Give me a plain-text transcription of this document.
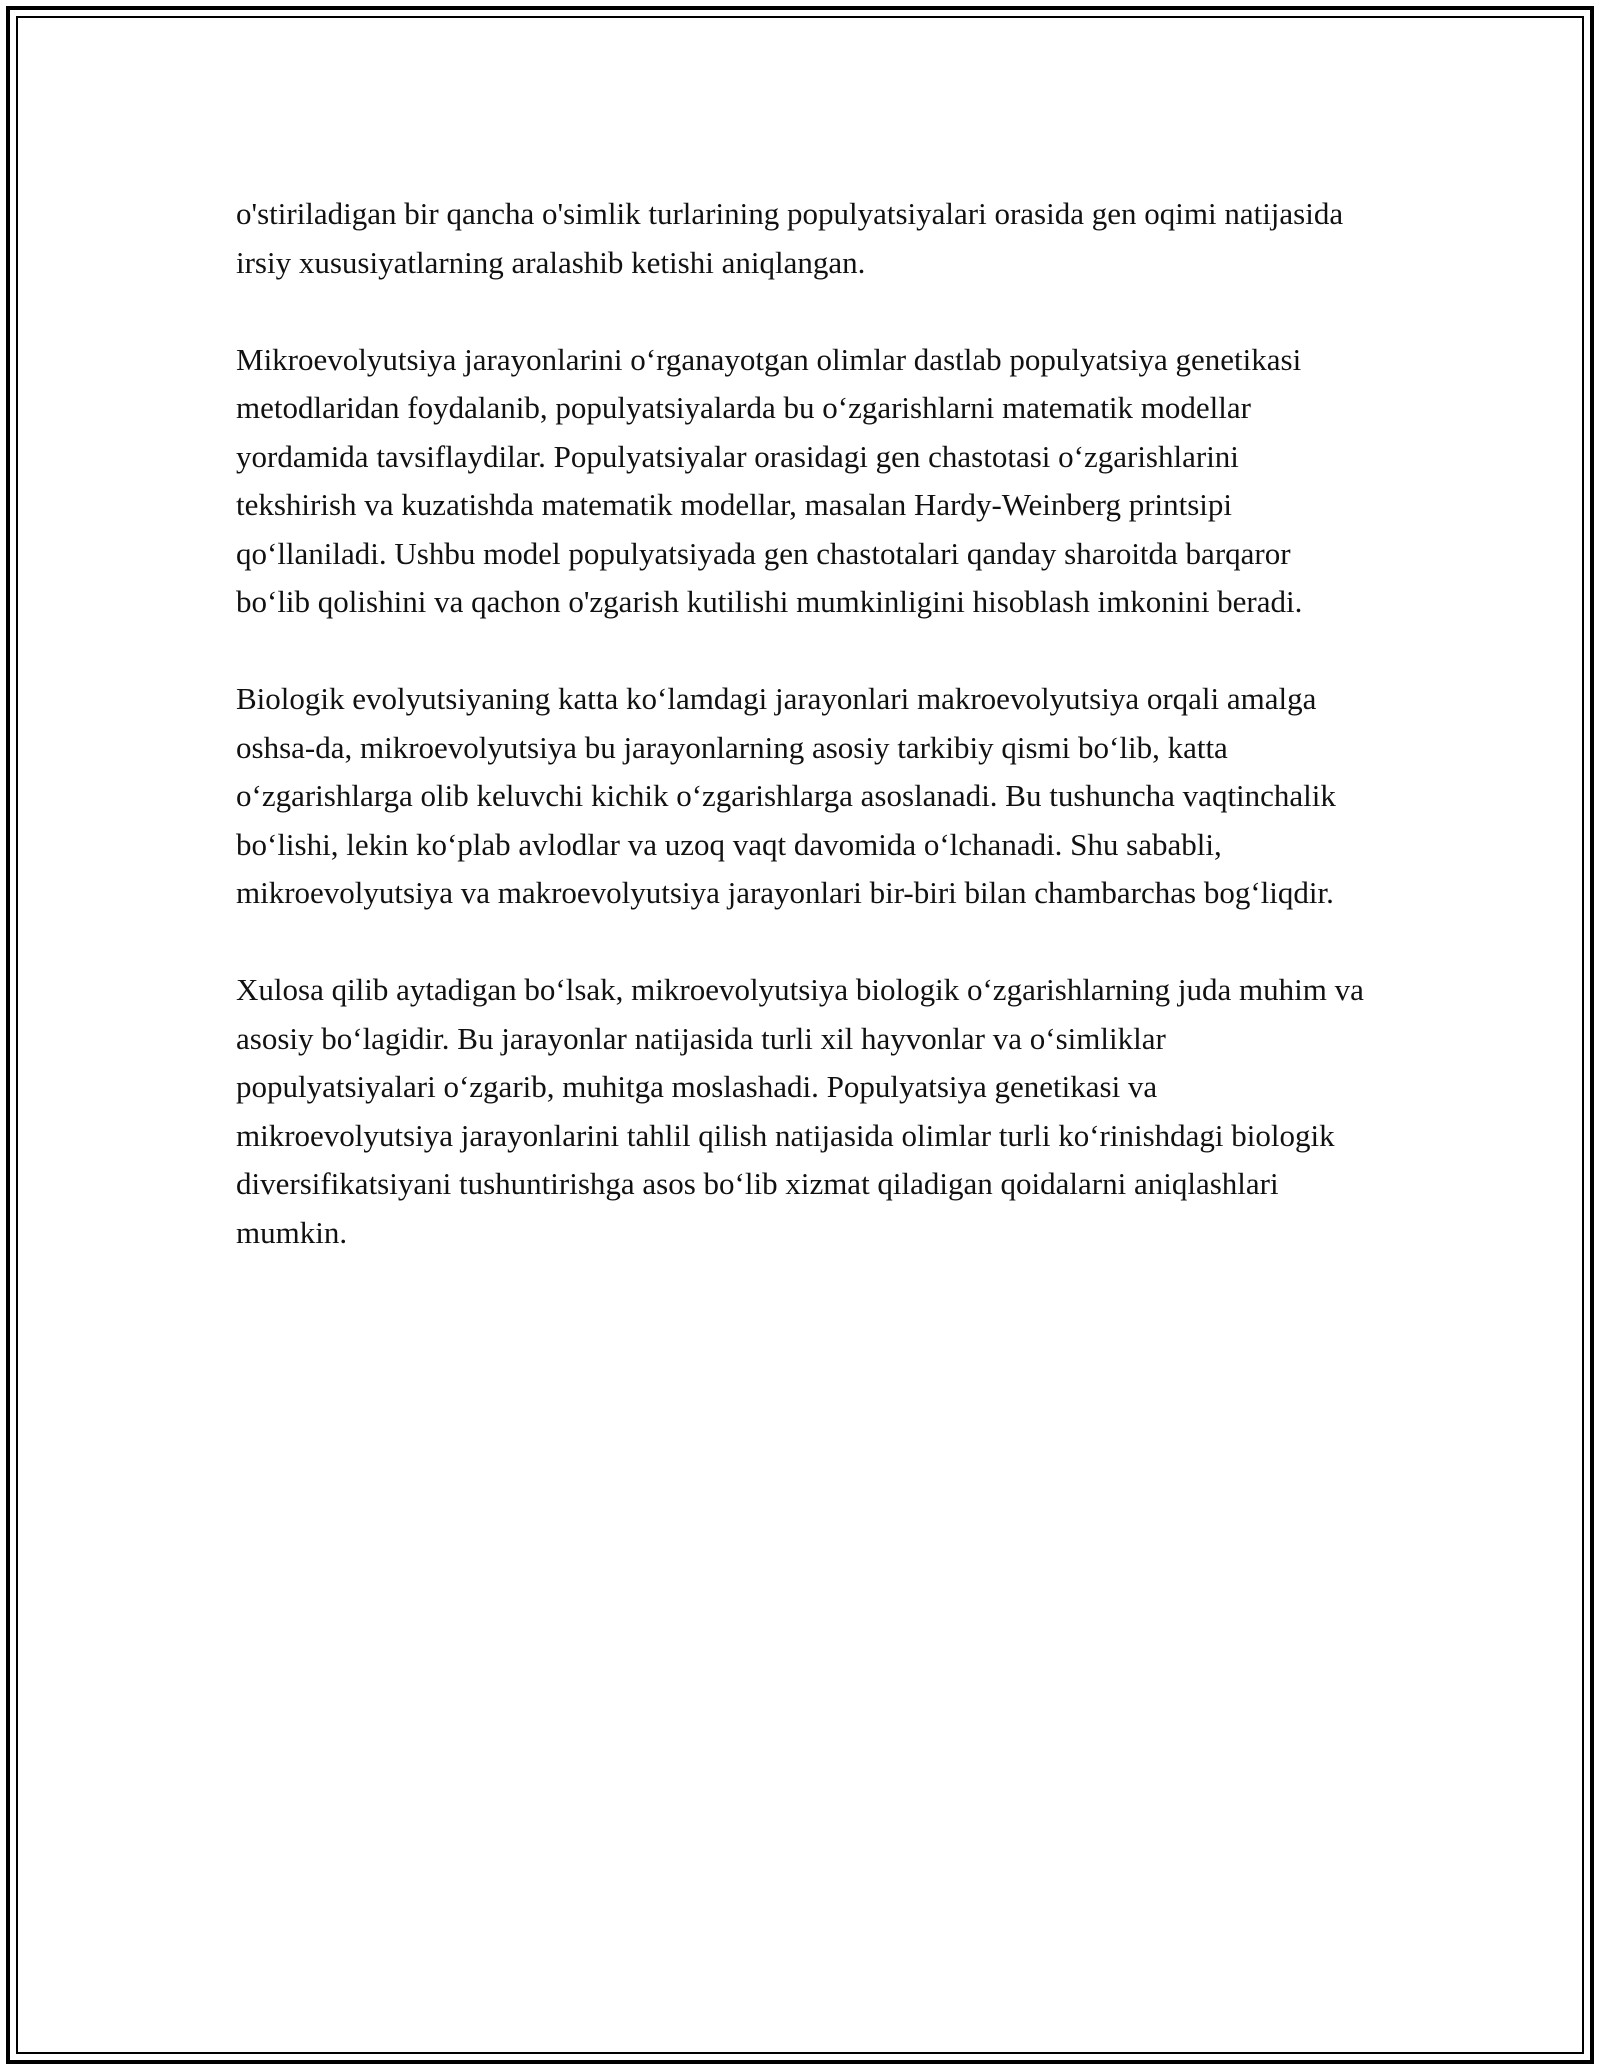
o'stiriladigan bir qancha o'simlik turlarining populyatsiyalari orasida gen oqimi natijasida irsiy xususiyatlarning aralashib ketishi aniqlangan.

Mikroevolyutsiya jarayonlarini o‘rganayotgan olimlar dastlab populyatsiya genetikasi metodlaridan foydalanib, populyatsiyalarda bu o‘zgarishlarni matematik modellar yordamida tavsiflaydilar. Populyatsiyalar orasidagi gen chastotasi o‘zgarishlarini tekshirish va kuzatishda matematik modellar, masalan Hardy-Weinberg printsipi qo‘llaniladi. Ushbu model populyatsiyada gen chastotalari qanday sharoitda barqaror bo‘lib qolishini va qachon o'zgarish kutilishi mumkinligini hisoblash imkonini beradi.

Biologik evolyutsiyaning katta ko‘lamdagi jarayonlari makroevolyutsiya orqali amalga oshsa-da, mikroevolyutsiya bu jarayonlarning asosiy tarkibiy qismi bo‘lib, katta o‘zgarishlarga olib keluvchi kichik o‘zgarishlarga asoslanadi. Bu tushuncha vaqtinchalik bo‘lishi, lekin ko‘plab avlodlar va uzoq vaqt davomida o‘lchanadi. Shu sababli, mikroevolyutsiya va makroevolyutsiya jarayonlari bir-biri bilan chambarchas bog‘liqdir.

Xulosa qilib aytadigan bo‘lsak, mikroevolyutsiya biologik o‘zgarishlarning juda muhim va asosiy bo‘lagidir. Bu jarayonlar natijasida turli xil hayvonlar va o‘simliklar populyatsiyalari o‘zgarib, muhitga moslashadi. Populyatsiya genetikasi va mikroevolyutsiya jarayonlarini tahlil qilish natijasida olimlar turli ko‘rinishdagi biologik diversifikatsiyani tushuntirishga asos bo‘lib xizmat qiladigan qoidalarni aniqlashlari mumkin.
